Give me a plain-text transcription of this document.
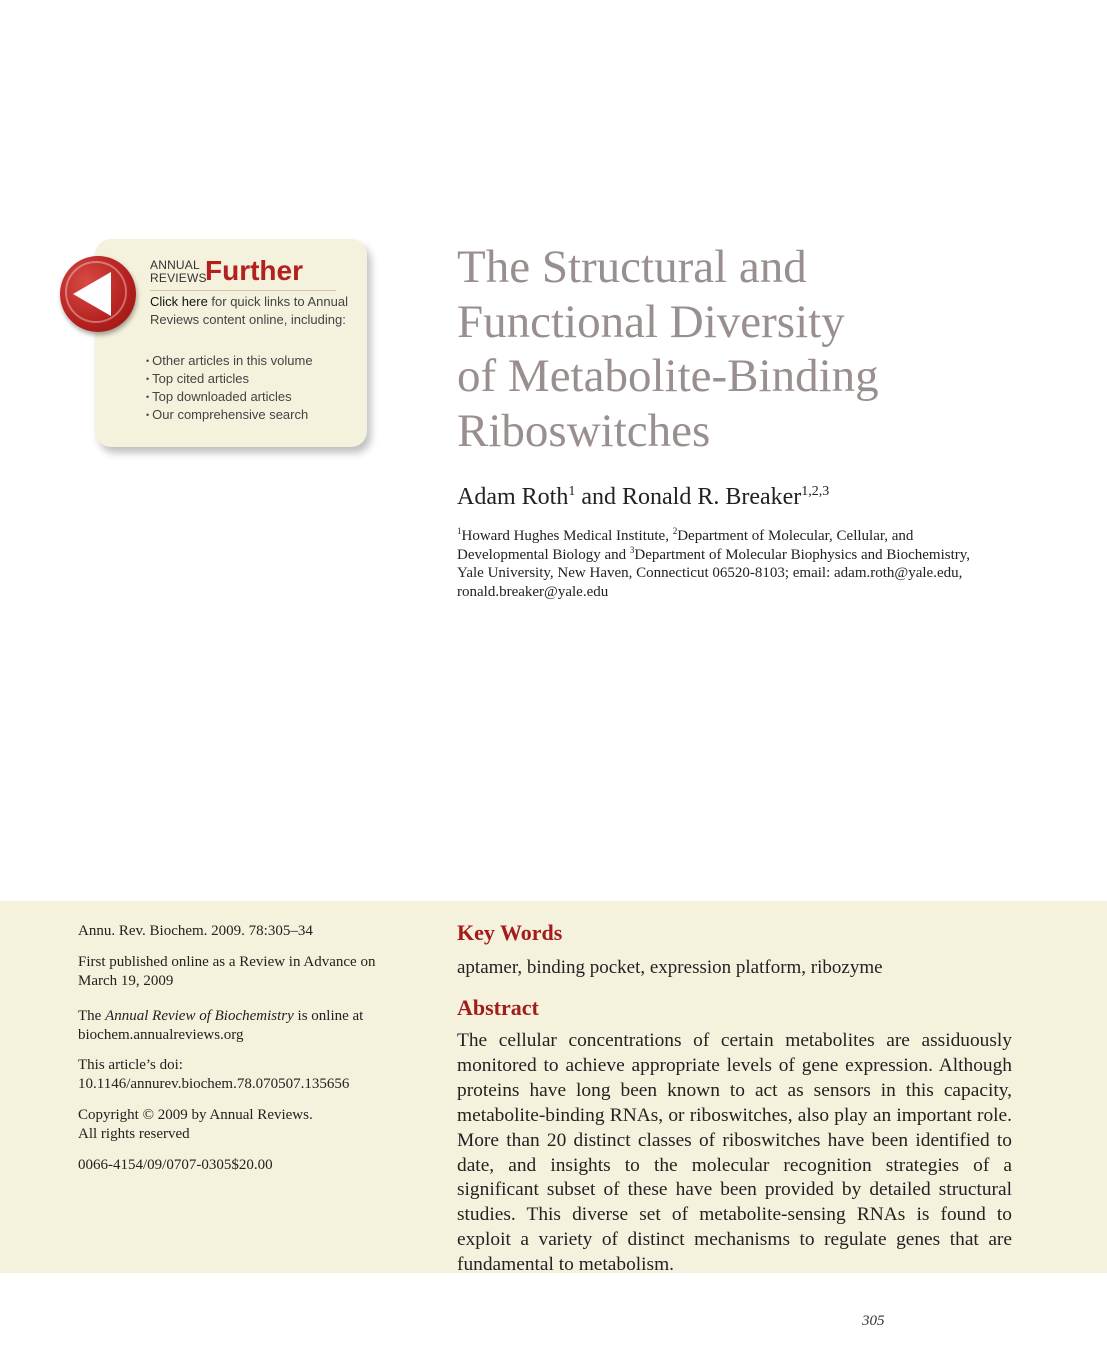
ANNUAL
REVIEWS
Further
Click here for quick links to Annual Reviews content online, including:
• Other articles in this volume
• Top cited articles
• Top downloaded articles
• Our comprehensive search
The Structural and
Functional Diversity
of Metabolite-Binding
Riboswitches
Adam Roth$^1$ and Ronald R. Breaker$^{1,2,3}$
$^1$Howard Hughes Medical Institute, $^2$Department of Molecular, Cellular, and Developmental Biology and $^3$Department of Molecular Biophysics and Biochemistry, Yale University, New Haven, Connecticut 06520-8103; email: adam.roth@yale.edu, ronald.breaker@yale.edu

Annu. Rev. Biochem. 2009. 78:305–34

First published online as a Review in Advance on March 19, 2009

The Annual Review of Biochemistry is online at biochem.annualreviews.org

This article’s doi:
10.1146/annurev.biochem.78.070507.135656

Copyright © 2009 by Annual Reviews.
All rights reserved

0066-4154/09/0707-0305$20.00

Key Words
aptamer, binding pocket, expression platform, ribozyme
Abstract

The cellular concentrations of certain metabolites are assiduously monitored to achieve appropriate levels of gene expression. Although proteins have long been known to act as sensors in this capacity, metabolite-binding RNAs, or riboswitches, also play an important role. More than 20 distinct classes of riboswitches have been identified to date, and insights to the molecular recognition strategies of a significant subset of these have been provided by detailed structural studies. This diverse set of metabolite-sensing RNAs is found to exploit a variety of distinct mechanisms to regulate genes that are fundamental to metabolism.

305
